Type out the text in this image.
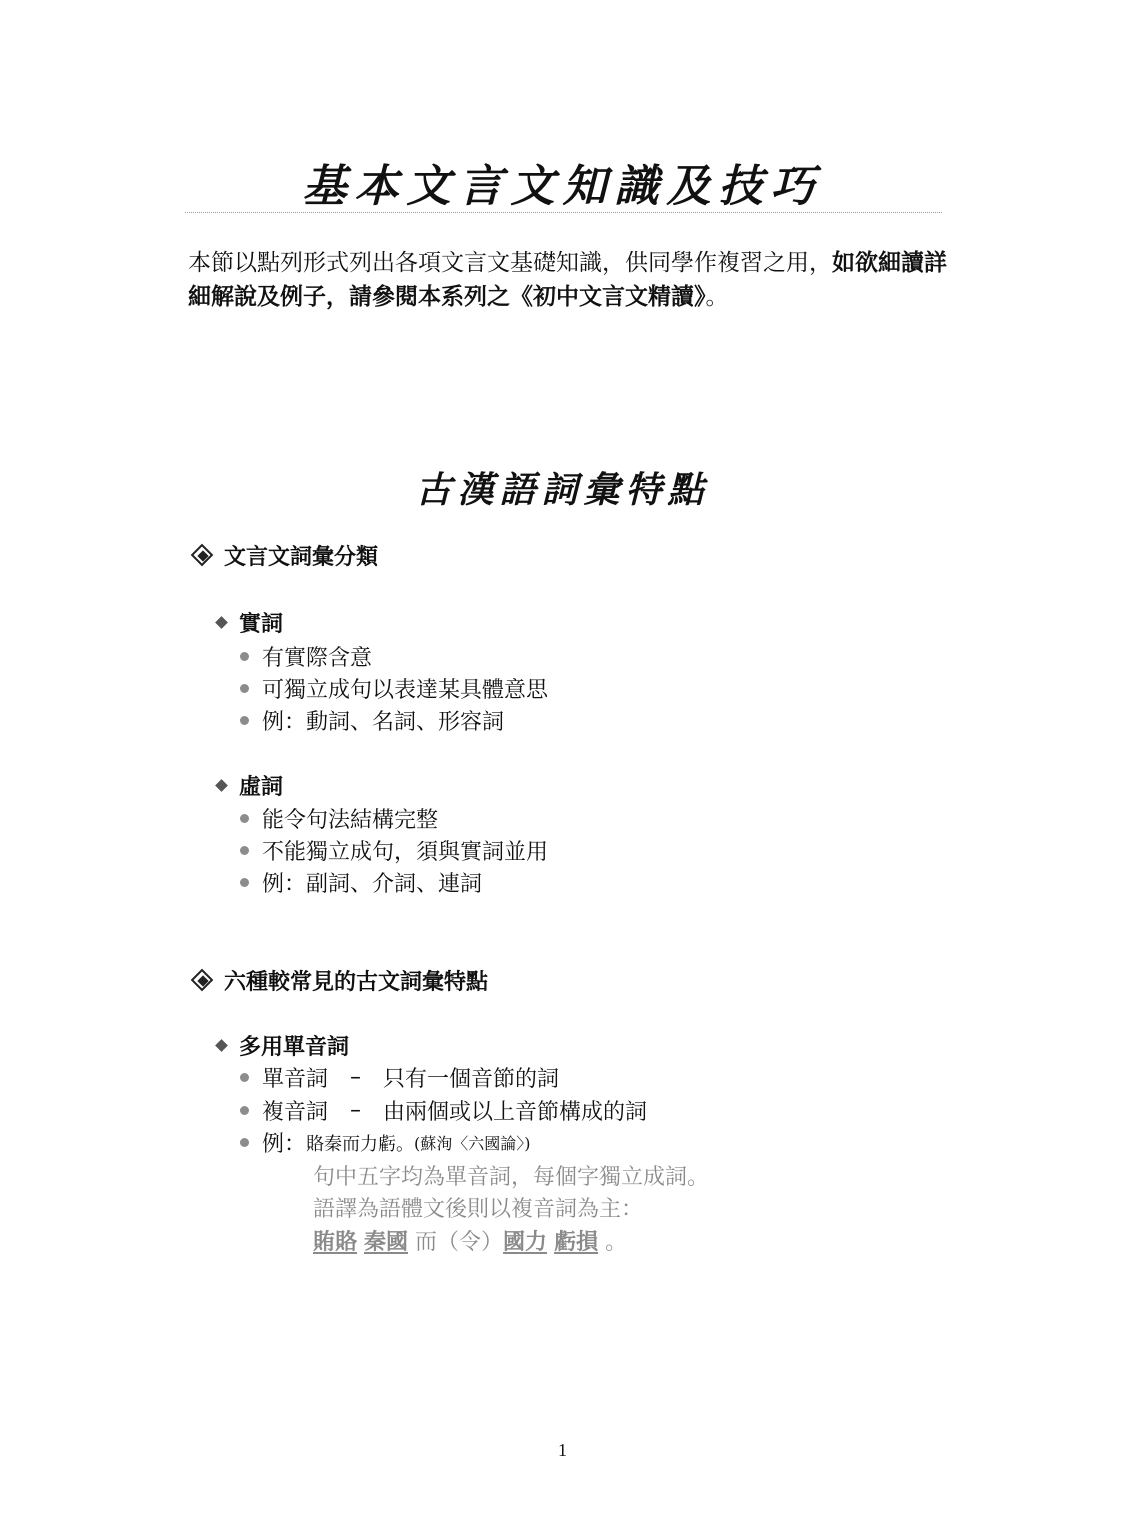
基本文言文知識及技巧

本節以點列形式列出各項文言文基礎知識，供同學作複習之用，如欲細讀詳細解說及例子，請參閱本系列之《初中文言文精讀》。

古漢語詞彙特點
文言文詞彙分類
實詞
有實際含意
可獨立成句以表達某具體意思
例：動詞、名詞、形容詞
虛詞
能令句法結構完整
不能獨立成句，須與實詞並用
例：副詞、介詞、連詞
六種較常見的古文詞彙特點
多用單音詞
單音詞 – 只有一個音節的詞
複音詞 – 由兩個或以上音節構成的詞
例： 賂秦而力虧。 (蘇洵〈六國論〉)

句中五字均為單音詞，每個字獨立成詞。

語譯為語體文後則以複音詞為主：

賄賂 秦國 而（令）國力 虧損 。

1
